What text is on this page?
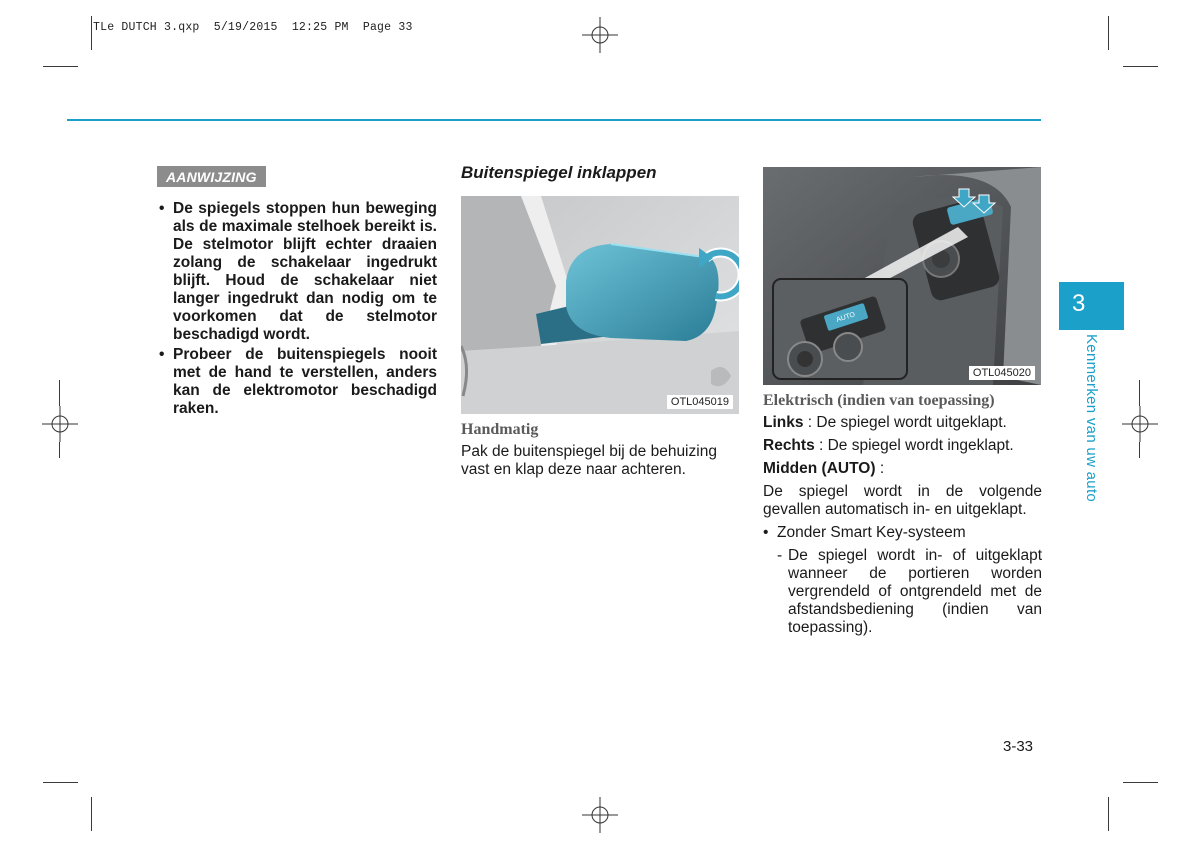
TLe DUTCH 3.qxp  5/19/2015  12:25 PM  Page 33
AANWIJZING
• De spiegels stoppen hun beweging als de maximale stelhoek bereikt is. De stelmotor blijft echter draaien zolang de schakelaar ingedrukt blijft. Houd de schakelaar niet langer ingedrukt dan nodig om te voorkomen dat de stelmotor beschadigd wordt.
• Probeer de buitenspiegels nooit met de hand te verstellen, anders kan de elektromotor beschadigd raken.
Buitenspiegel inklappen
OTL045019
Handmatig
Pak de buitenspiegel bij de behuizing vast en klap deze naar achteren.
AUTO
OTL045020
Elektrisch (indien van toepassing)
Links : De spiegel wordt uitgeklapt.
Rechts : De spiegel wordt ingeklapt.
Midden (AUTO) :
De spiegel wordt in de volgende gevallen automatisch in- en uitgeklapt.
• Zonder Smart Key-systeem
- De spiegel wordt in- of uitgeklapt wanneer de portieren worden vergrendeld of ontgrendeld met de afstandsbediening (indien van toepassing).
3
Kenmerken van uw auto
3-33
